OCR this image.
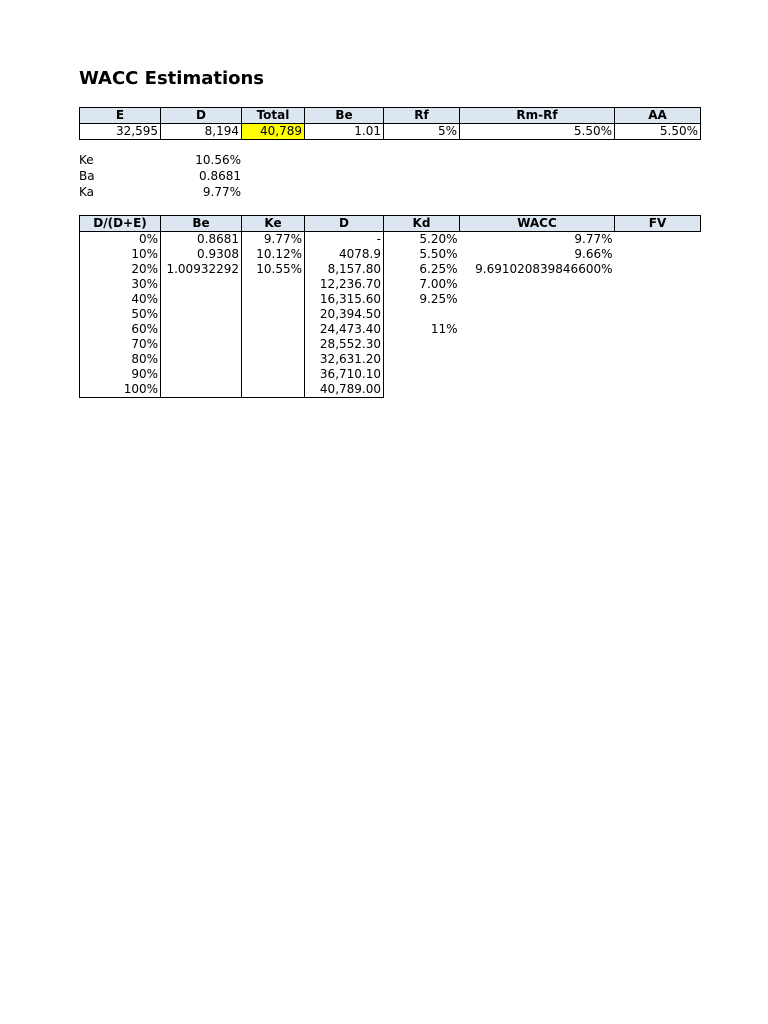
WACC Estimations
E	D	Total	Be	Rf	Rm-Rf	AA
32,595	8,194	40,789	1.01	5%	5.50%	5.50%
Ke	10.56%
Ba	0.8681
Ka	9.77%
D/(D+E)	Be	Ke	D	Kd	WACC	FV
0%	0.8681	9.77%	-	5.20%	9.77%	
10%	0.9308	10.12%	4078.9	5.50%	9.66%	
20%	1.00932292	10.55%	8,157.80	6.25%	9.691020839846600%	
30%			12,236.70	7.00%		
40%			16,315.60	9.25%		
50%			20,394.50			
60%			24,473.40	11%		
70%			28,552.30			
80%			32,631.20			
90%			36,710.10			
100%			40,789.00			
